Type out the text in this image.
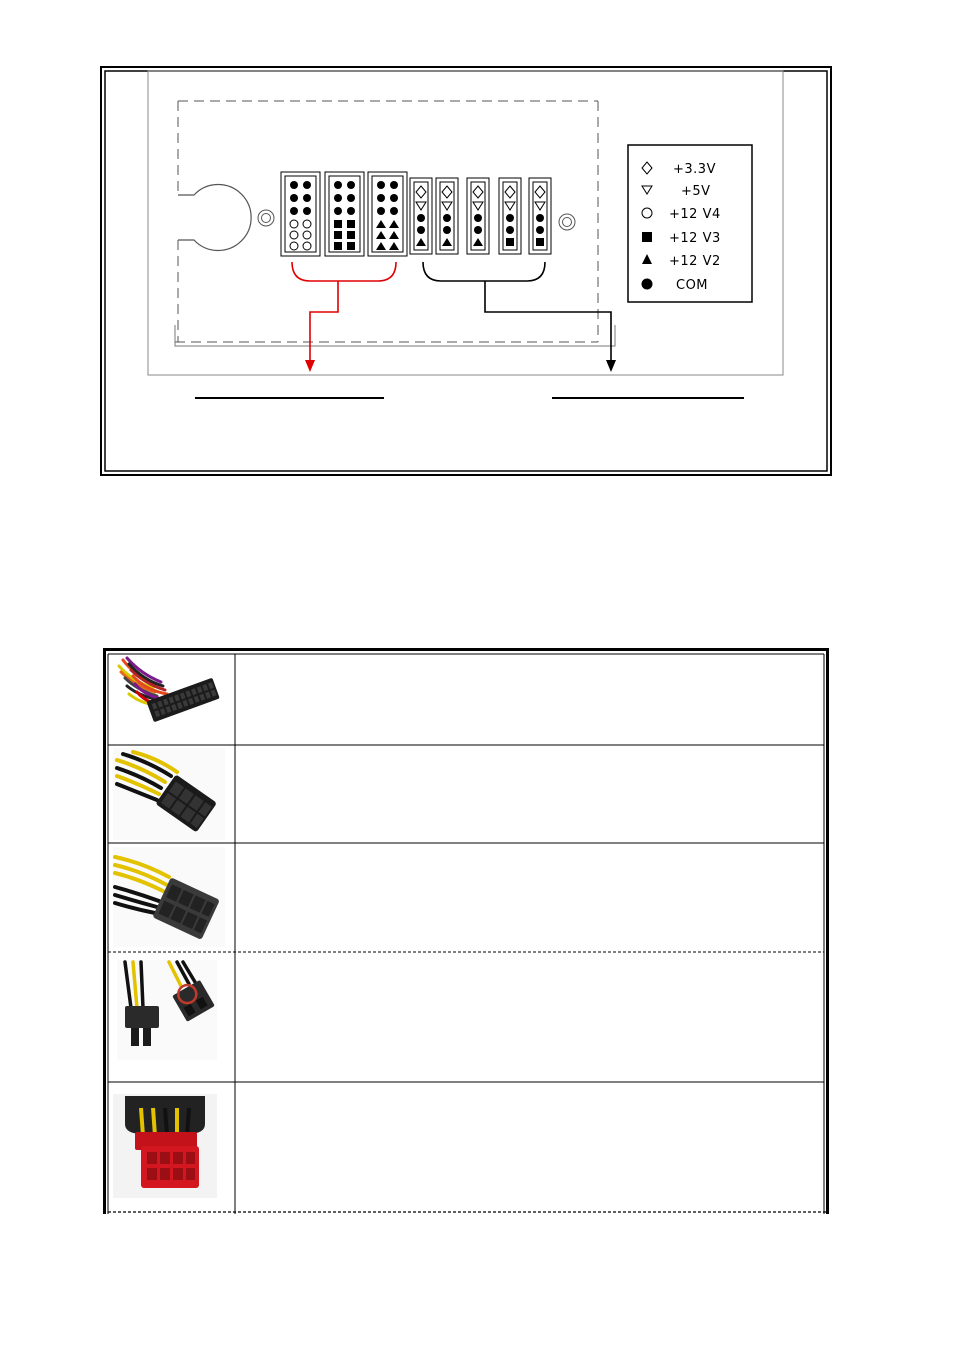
+3.3V
+5V
+12 V4
+12 V3
+12 V2
COM
